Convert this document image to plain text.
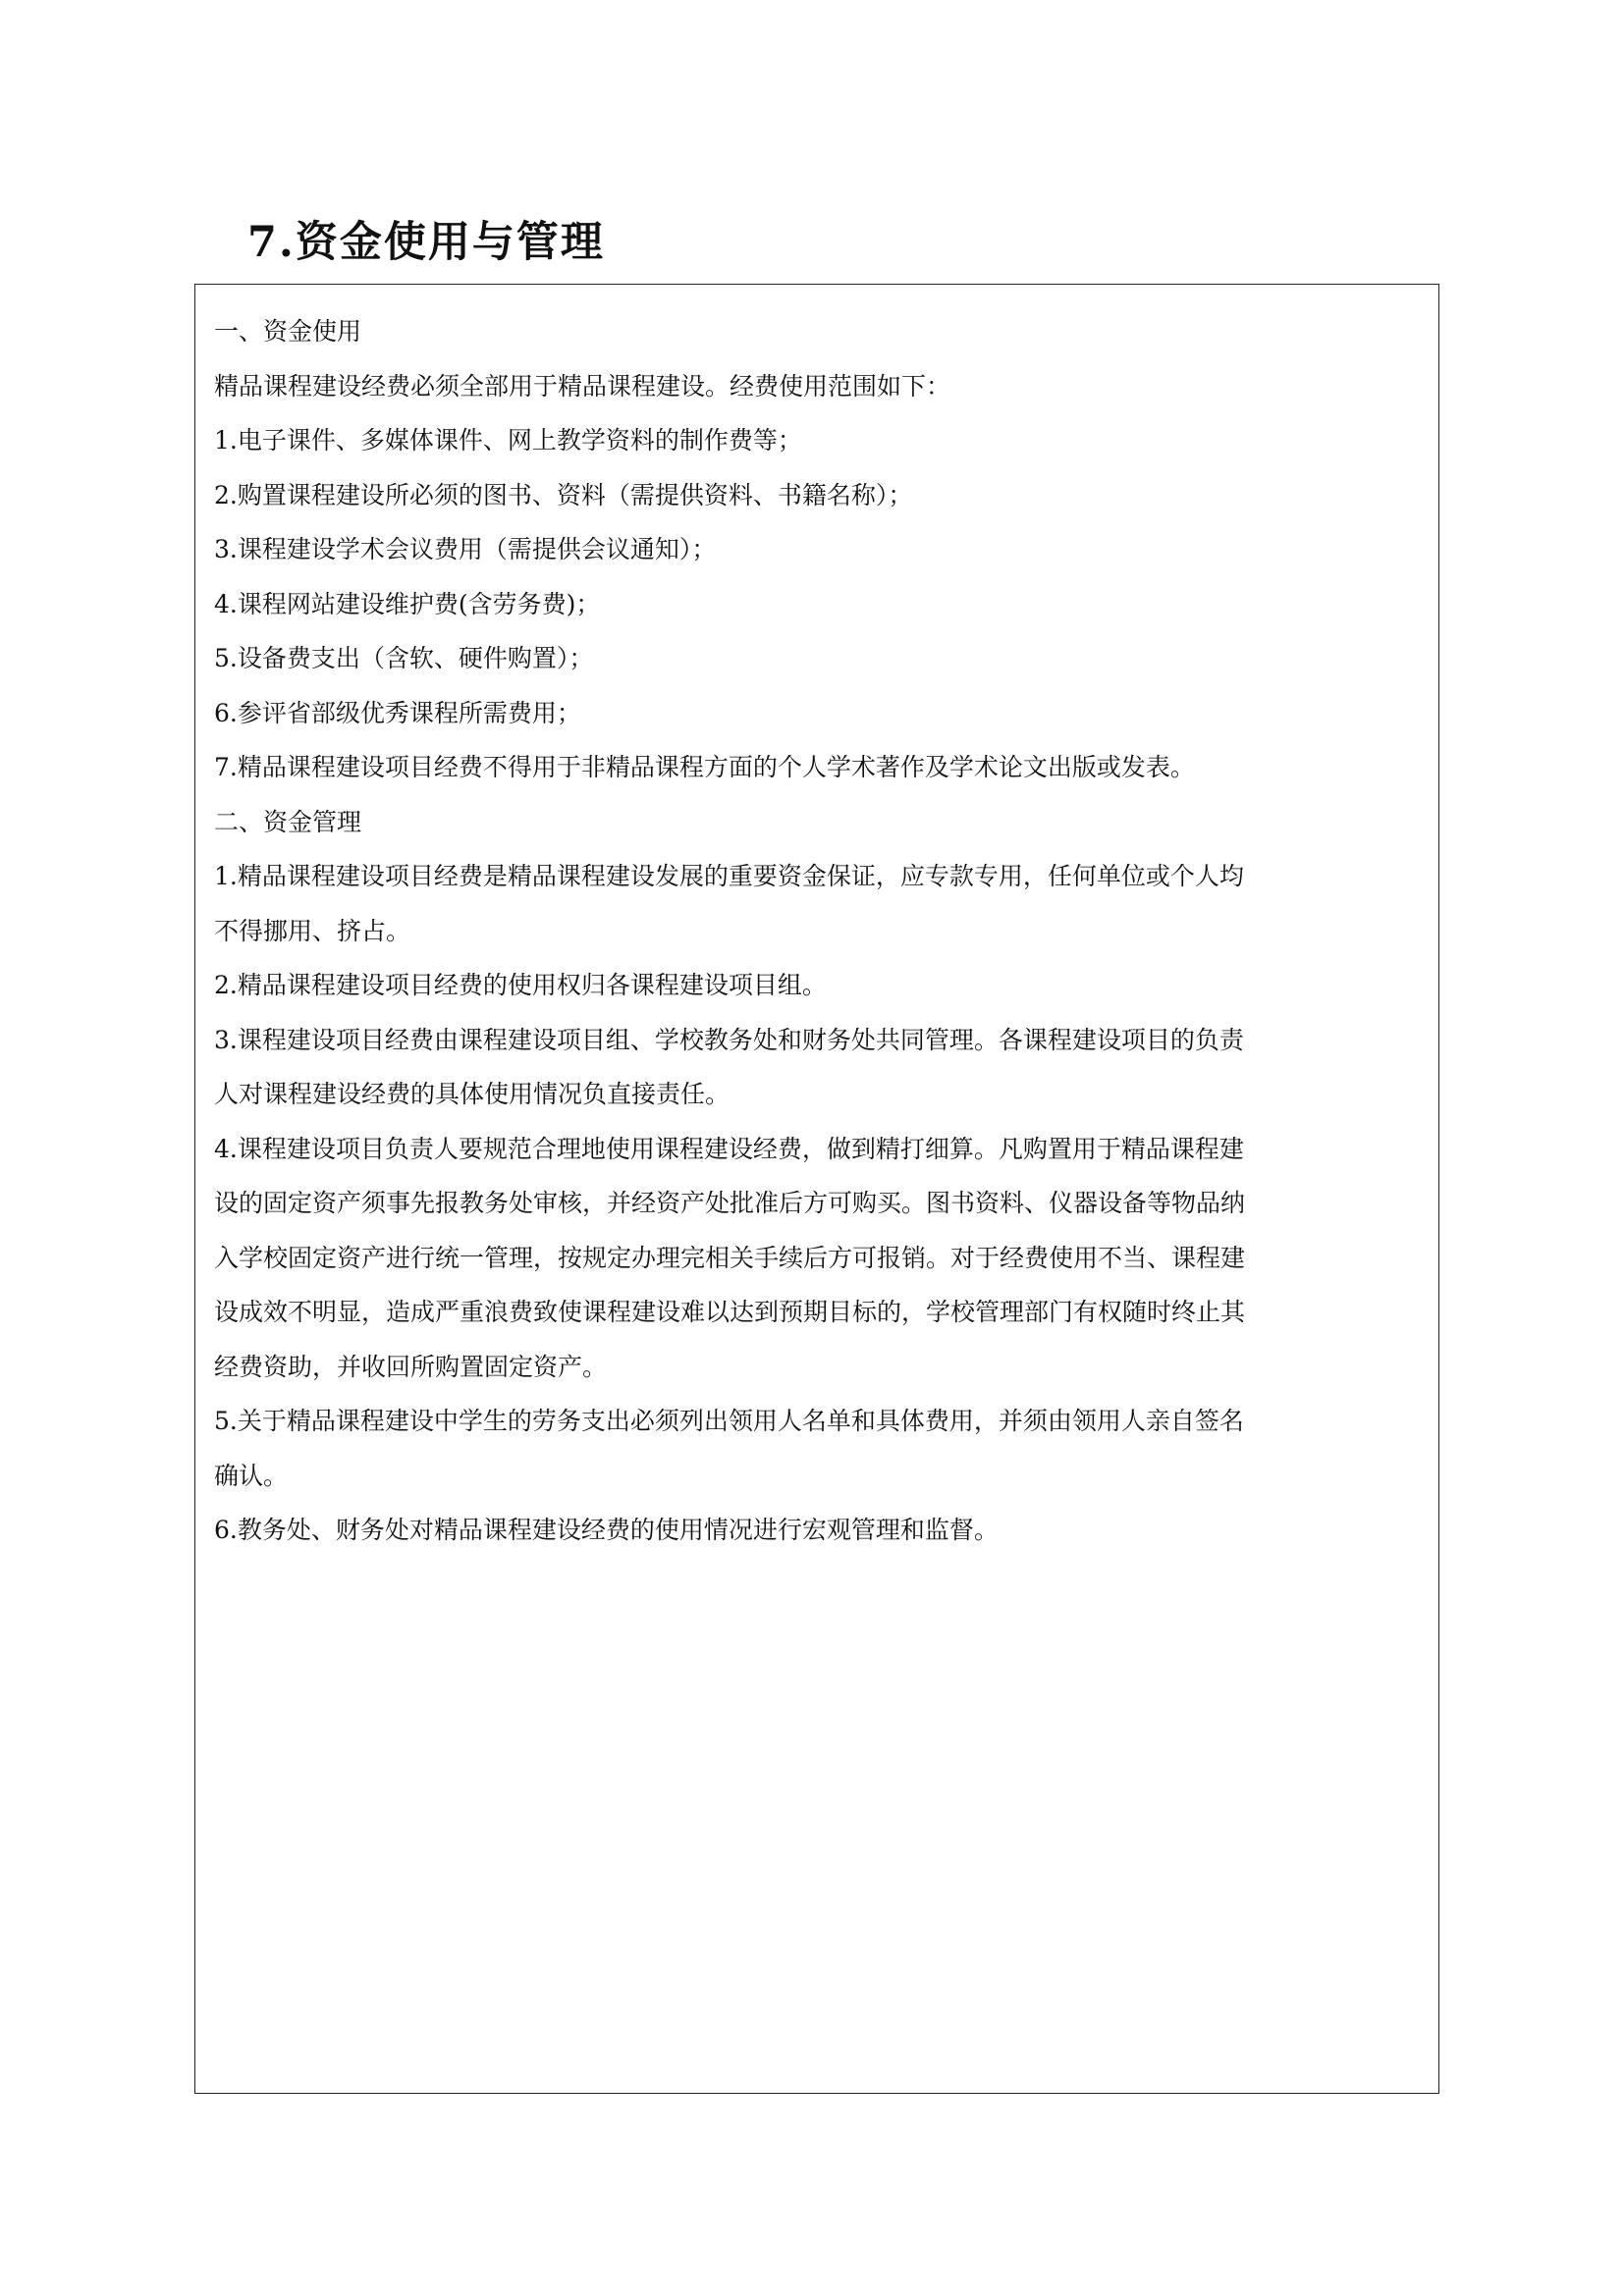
7.资金使用与管理

一、资金使用

精品课程建设经费必须全部用于精品课程建设。经费使用范围如下：

1.电子课件、多媒体课件、网上教学资料的制作费等；

2.购置课程建设所必须的图书、资料（需提供资料、书籍名称）；

3.课程建设学术会议费用（需提供会议通知）；

4.课程网站建设维护费(含劳务费)；

5.设备费支出（含软、硬件购置）；

6.参评省部级优秀课程所需费用；

7.精品课程建设项目经费不得用于非精品课程方面的个人学术著作及学术论文出版或发表。

二、资金管理

1.精品课程建设项目经费是精品课程建设发展的重要资金保证，应专款专用，任何单位或个人均

不得挪用、挤占。

2.精品课程建设项目经费的使用权归各课程建设项目组。

3.课程建设项目经费由课程建设项目组、学校教务处和财务处共同管理。各课程建设项目的负责

人对课程建设经费的具体使用情况负直接责任。

4.课程建设项目负责人要规范合理地使用课程建设经费，做到精打细算。凡购置用于精品课程建

设的固定资产须事先报教务处审核，并经资产处批准后方可购买。图书资料、仪器设备等物品纳

入学校固定资产进行统一管理，按规定办理完相关手续后方可报销。对于经费使用不当、课程建

设成效不明显，造成严重浪费致使课程建设难以达到预期目标的，学校管理部门有权随时终止其

经费资助，并收回所购置固定资产。

5.关于精品课程建设中学生的劳务支出必须列出领用人名单和具体费用，并须由领用人亲自签名

确认。

6.教务处、财务处对精品课程建设经费的使用情况进行宏观管理和监督。
